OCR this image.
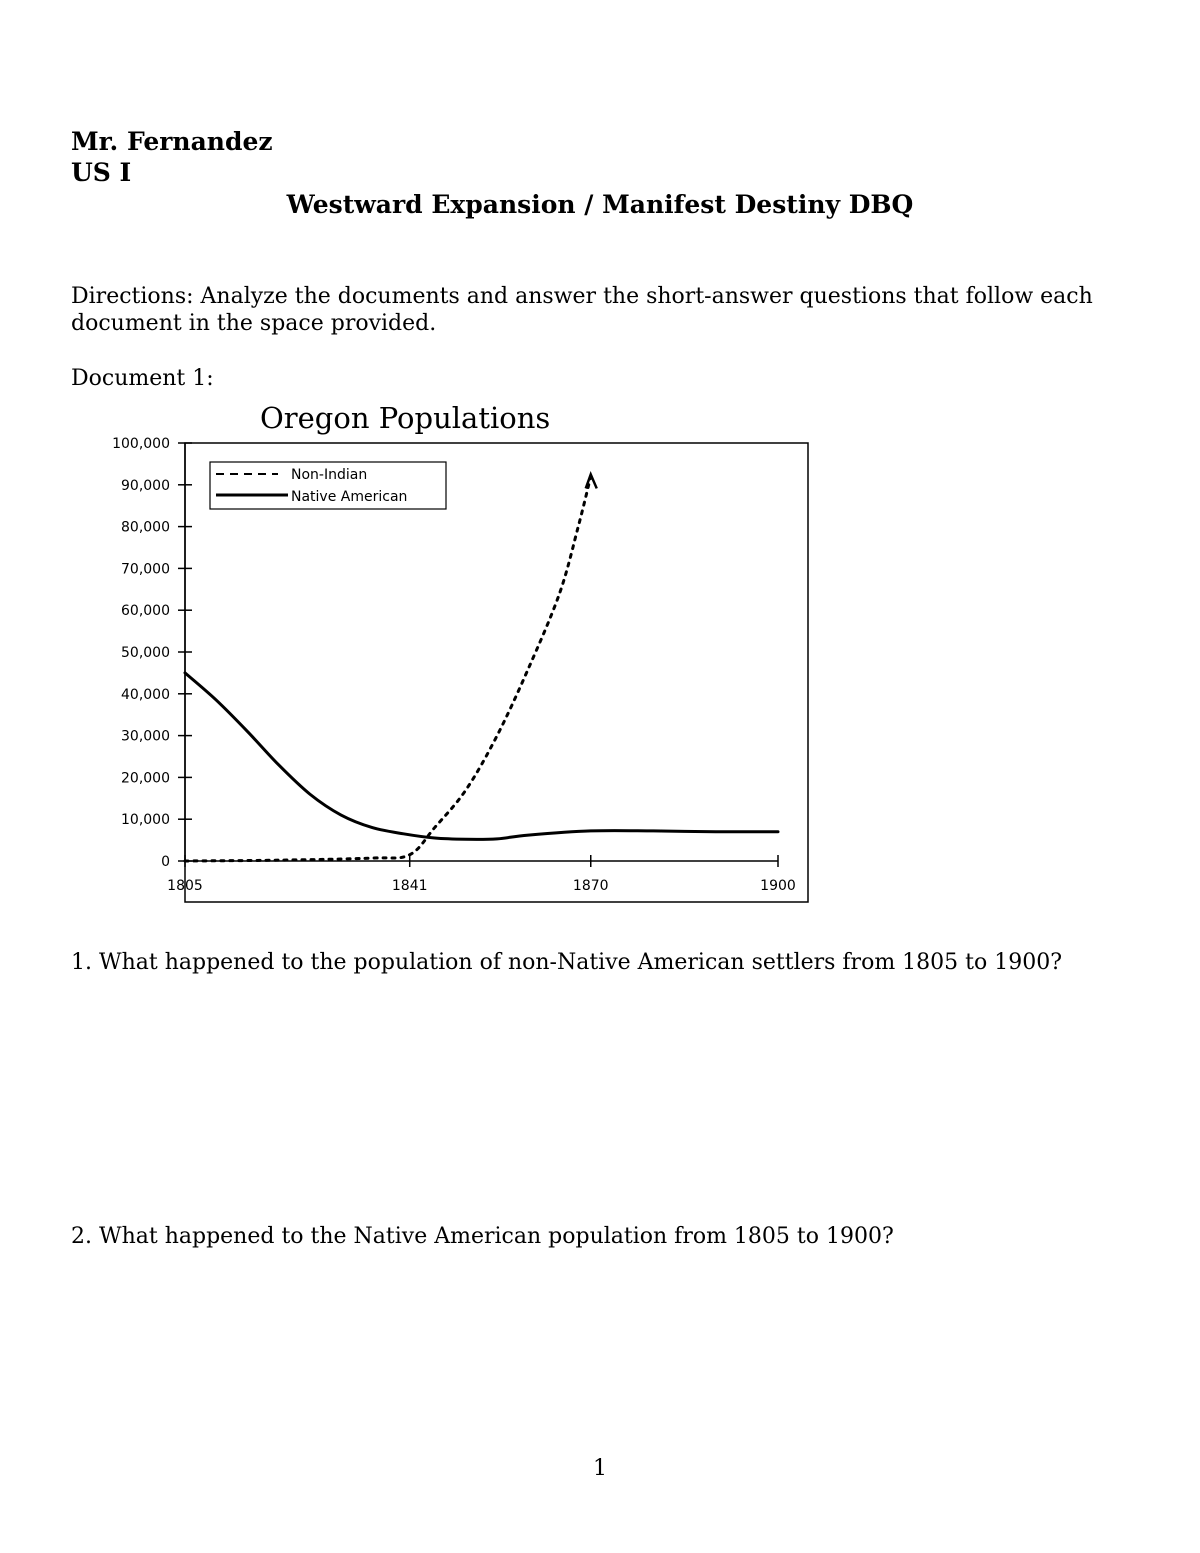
Mr. Fernandez
US I
Westward Expansion / Manifest Destiny DBQ
Directions: Analyze the documents and answer the short-answer questions that follow each document in the space provided.
Document 1:
Oregon Populations
0
10,000
20,000
30,000
40,000
50,000
60,000
70,000
80,000
90,000
100,000
1805	1841	1870	1900
Non-Indian
Native American
1. What happened to the population of non-Native American settlers from 1805 to 1900?
2. What happened to the Native American population from 1805 to 1900?
1
